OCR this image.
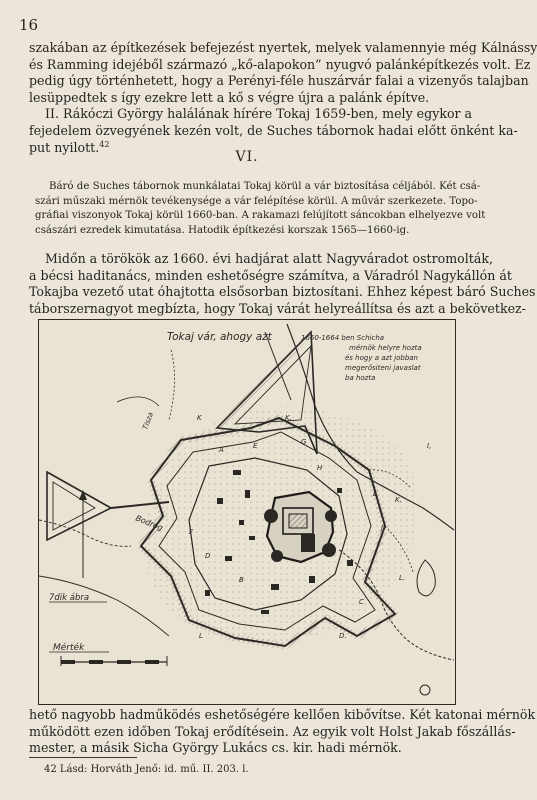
16
szakában az építkezések befejezést nyertek, melyek valamennyie még Kálnássy
és Ramming idejéből származó „kő-alapokon” nyugvó palánképítkezés volt. Ez
pedig úgy történhetett, hogy a Perényi-féle huszárvár falai a vizenyős talajban
lesüppedtek s így ezekre lett a kő s végre újra a palánk építve.
II. Rákóczi György halálának hírére Tokaj 1659-ben, mely egykor a
fejedelem özvegyének kezén volt, de Suches tábornok hadai előtt önként ka-
put nyilott.$^{42}$
VI.
Báró de Suches tábornok munkálatai Tokaj körül a vár biztosítása céljából. Két csá-
szári műszaki mérnök tevékenysége a vár felépítése körül. A művár szerkezete. Topo-
gráfiai viszonyok Tokaj körül 1660-ban. A rakamazi felújított sáncokban elhelyezve volt
császári ezredek kimutatása. Hatodik építkezési korszak 1565—1660-ig.
Midőn a törökök az 1660. évi hadjárat alatt Nagyváradot ostromolták,
a bécsi haditanács, minden eshetőségre számítva, a Váradról Nagykállón át
Tokajba vezető utat óhajtotta elsősorban biztosítani. Ehhez képest báró Suches
táborszernagyot megbízta, hogy Tokaj várát helyreállítsa és azt a bekövetkez-
K	K.
G
A	E
H
L
K.
L.
C
L	D.
F
D
B
J
I,
Tokaj vár, ahogy azt	1660-1664 ben Schicha
mérnök helyre hozta
és hogy a azt jobban
megerősiteni javaslat
ba hozta
7dik ábra
Mérték
Bodrog
Tisza
hető nagyobb hadműködés eshetőségére kellően kibővítse. Két katonai mérnök
működött ezen időben Tokaj erődítésein. Az egyik volt Holst Jakab főszállás-
mester, a másik Sicha György Lukács cs. kir. hadi mérnök.
42 Lásd: Horváth Jenő: id. mű. II. 203. l.
